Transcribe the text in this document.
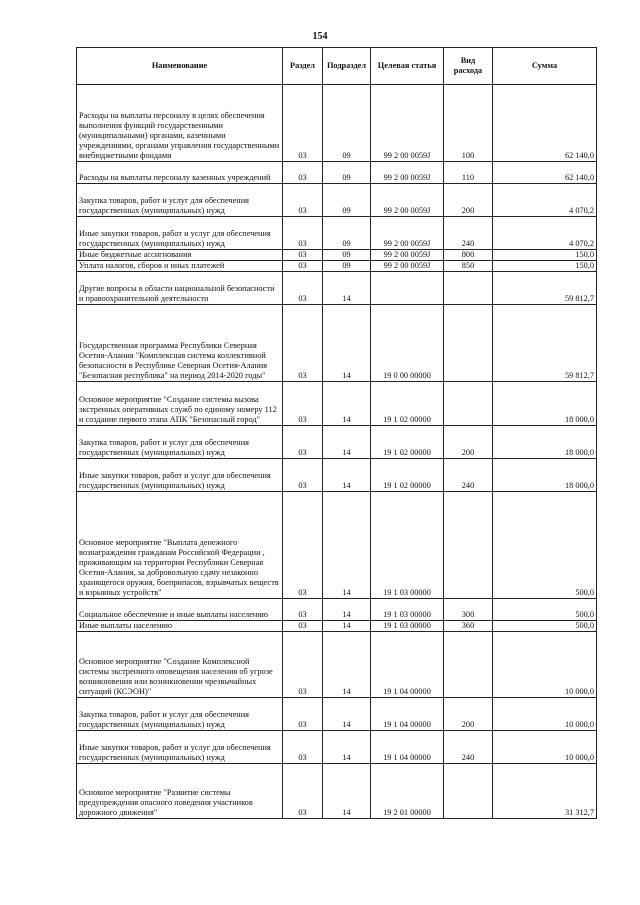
154
Наименование	Раздел	Подраздел	Целевая статья	Вид расхода	Сумма
Расходы на выплаты персоналу в целях обеспечения выполнения функций государственными (муниципальными) органами, казенными учреждениями, органами управления государственными внебюджетными фондами	03	09	99 2 00 0059J	100	62 140,0
Расходы на выплаты персоналу казенных учреждений	03	09	99 2 00 0059J	110	62 140,0
Закупка товаров, работ и услуг для обеспечения государственных (муниципальных) нужд	03	09	99 2 00 0059J	200	4 070,2
Иные закупки товаров, работ и услуг для обеспечения государственных (муниципальных) нужд	03	09	99 2 00 0059J	240	4 070,2
Иные бюджетные ассигнования	03	09	99 2 00 0059J	800	150,0
Уплата налогов, сборов и иных платежей	03	09	99 2 00 0059J	850	150,0
Другие вопросы в области национальной безопасности и правоохранительной деятельности	03	14			59 812,7
Государственная программа Республики Северная Осетия-Алания "Комплексная система коллективной безопасности в Республике Северная Осетия-Алания "Безопасная республика" на период 2014-2020 годы"	03	14	19 0 00 00000		59 812,7
Основное мероприятие "Создание системы вызова экстренных оперативных служб по единому номеру 112 и создание первого этапа АПК "Безопасный город"	03	14	19 1 02 00000		18 000,0
Закупка товаров, работ и услуг для обеспечения государственных (муниципальных) нужд	03	14	19 1 02 00000	200	18 000,0
Иные закупки товаров, работ и услуг для обеспечения государственных (муниципальных) нужд	03	14	19 1 02 00000	240	18 000,0
Основное мероприятие "Выплата денежного вознаграждения гражданам Российской Федерации , проживающим на территории Республики Северная Осетия-Алания, за добровольную сдачу незаконно хранящегося оружия, боеприпасов, взрывчатых веществ и взрывных устройств"	03	14	19 1 03 00000		500,0
Социальное обеспечение и иные выплаты населению	03	14	19 1 03 00000	300	500,0
Иные выплаты населению	03	14	19 1 03 00000	360	500,0
Основное мероприятие "Создание Комплексной системы экстренного оповещения населения об угрозе возникновения или возникновении чрезвычайных ситуаций (КСЭОН)"	03	14	19 1 04 00000		10 000,0
Закупка товаров, работ и услуг для обеспечения государственных (муниципальных) нужд	03	14	19 1 04 00000	200	10 000,0
Иные закупки товаров, работ и услуг для обеспечения государственных (муниципальных) нужд	03	14	19 1 04 00000	240	10 000,0
Основное мероприятие "Развитие системы предупреждения опасного поведения участников дорожного движения"	03	14	19 2 01 00000		31 312,7
